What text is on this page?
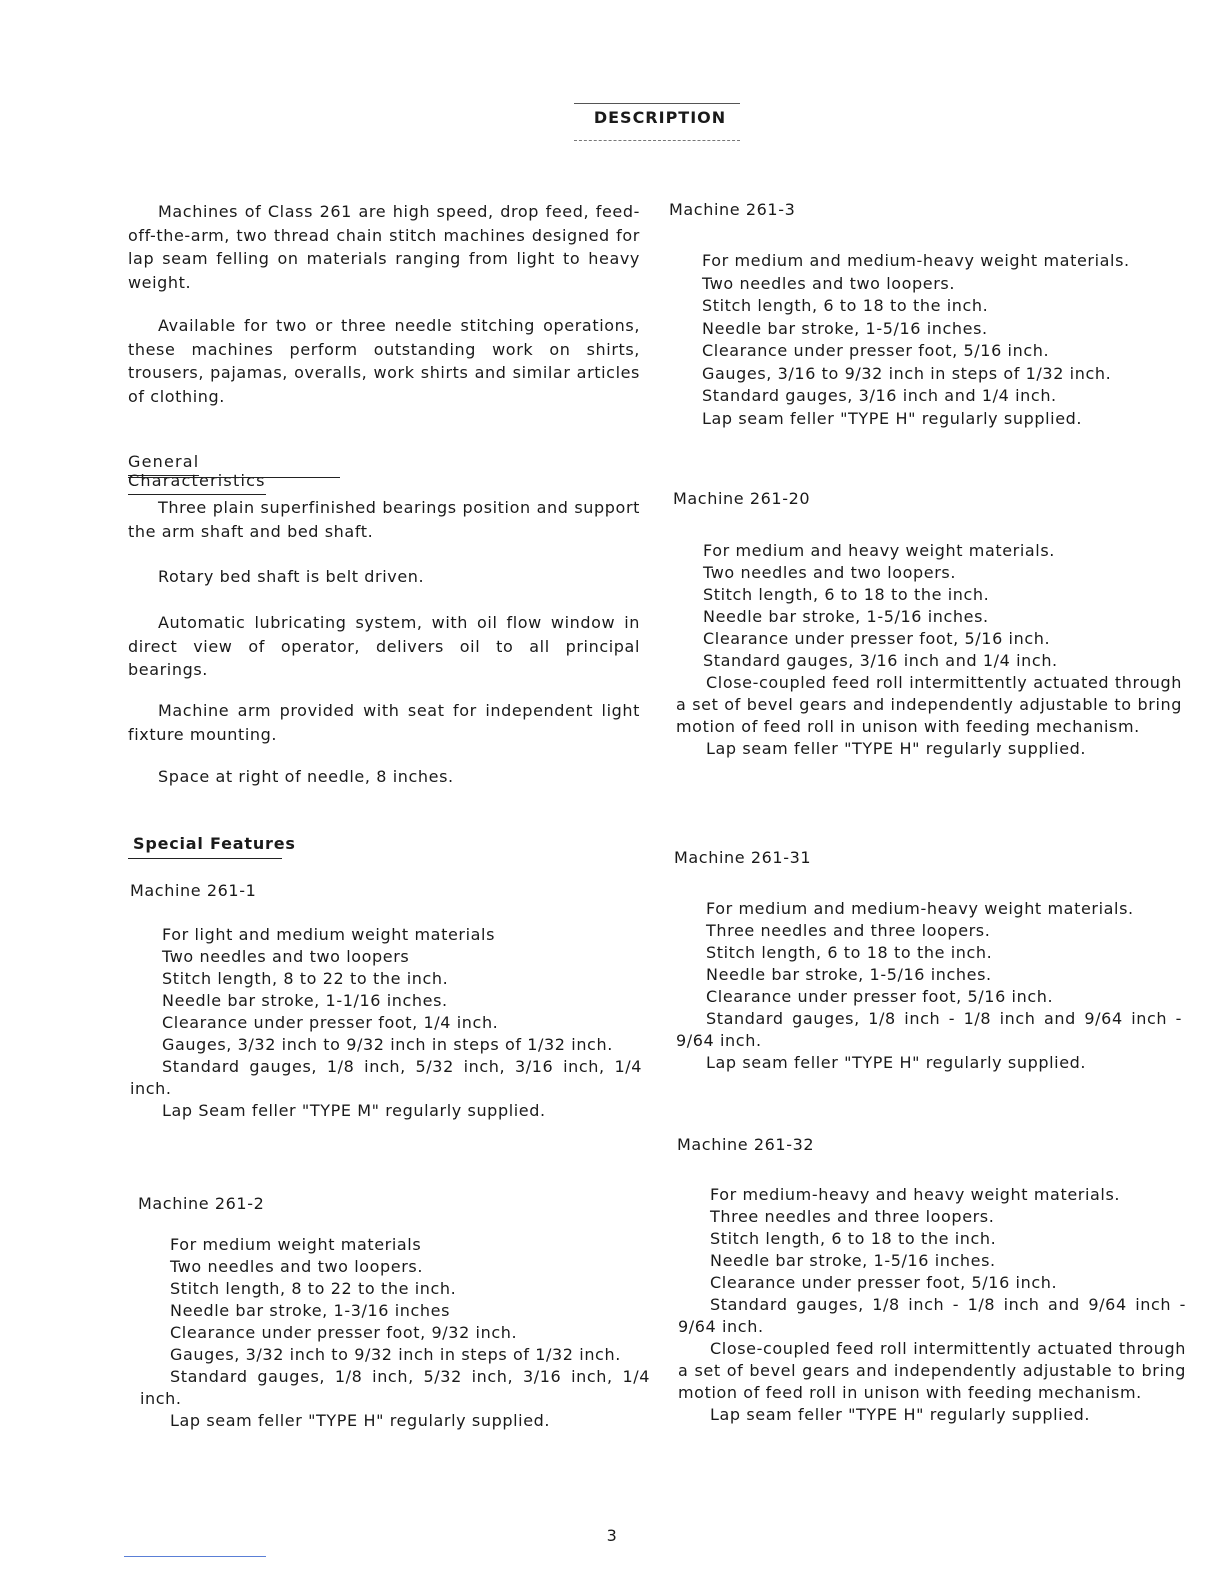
DESCRIPTION
Machines of Class 261 are high speed, drop feed, feed-off-the-arm, two thread chain stitch machines designed for lap seam felling on materials ranging from light to heavy weight.
Available for two or three needle stitching operations, these machines perform outstanding work on shirts, trousers, pajamas, overalls, work shirts and similar articles of clothing.
General Characteristics
Three plain superfinished bearings position and support the arm shaft and bed shaft.
Rotary bed shaft is belt driven.
Automatic lubricating system, with oil flow window in direct view of operator, delivers oil to all principal bearings.
Machine arm provided with seat for independent light fixture mounting.
Space at right of needle, 8 inches.
Special Features
Machine 261-1
For light and medium weight materials
Two needles and two loopers
Stitch length, 8 to 22 to the inch.
Needle bar stroke, 1-1/16 inches.
Clearance under presser foot, 1/4 inch.
Gauges, 3/32 inch to 9/32 inch in steps of 1/32 inch.
Standard gauges, 1/8 inch, 5/32 inch, 3/16 inch, 1/4 inch.
Lap Seam feller "TYPE M" regularly supplied.
Machine 261-2
For medium weight materials
Two needles and two loopers.
Stitch length, 8 to 22 to the inch.
Needle bar stroke, 1-3/16 inches
Clearance under presser foot, 9/32 inch.
Gauges, 3/32 inch to 9/32 inch in steps of 1/32 inch.
Standard gauges, 1/8 inch, 5/32 inch, 3/16 inch, 1/4 inch.
Lap seam feller "TYPE H" regularly supplied.
Machine 261-3
For medium and medium-heavy weight materials.
Two needles and two loopers.
Stitch length, 6 to 18 to the inch.
Needle bar stroke, 1-5/16 inches.
Clearance under presser foot, 5/16 inch.
Gauges, 3/16 to 9/32 inch in steps of 1/32 inch.
Standard gauges, 3/16 inch and 1/4 inch.
Lap seam feller "TYPE H" regularly supplied.
Machine 261-20
For medium and heavy weight materials.
Two needles and two loopers.
Stitch length, 6 to 18 to the inch.
Needle bar stroke, 1-5/16 inches.
Clearance under presser foot, 5/16 inch.
Standard gauges, 3/16 inch and 1/4 inch.
Close-coupled feed roll intermittently actuated through a set of bevel gears and independently adjustable to bring motion of feed roll in unison with feeding mechanism.
Lap seam feller "TYPE H" regularly supplied.
Machine 261-31
For medium and medium-heavy weight materials.
Three needles and three loopers.
Stitch length, 6 to 18 to the inch.
Needle bar stroke, 1-5/16 inches.
Clearance under presser foot, 5/16 inch.
Standard gauges, 1/8 inch - 1/8 inch and 9/64 inch - 9/64 inch.
Lap seam feller "TYPE H" regularly supplied.
Machine 261-32
For medium-heavy and heavy weight materials.
Three needles and three loopers.
Stitch length, 6 to 18 to the inch.
Needle bar stroke, 1-5/16 inches.
Clearance under presser foot, 5/16 inch.
Standard gauges, 1/8 inch - 1/8 inch and 9/64 inch - 9/64 inch.
Close-coupled feed roll intermittently actuated through a set of bevel gears and independently adjustable to bring motion of feed roll in unison with feeding mechanism.
Lap seam feller "TYPE H" regularly supplied.
3
